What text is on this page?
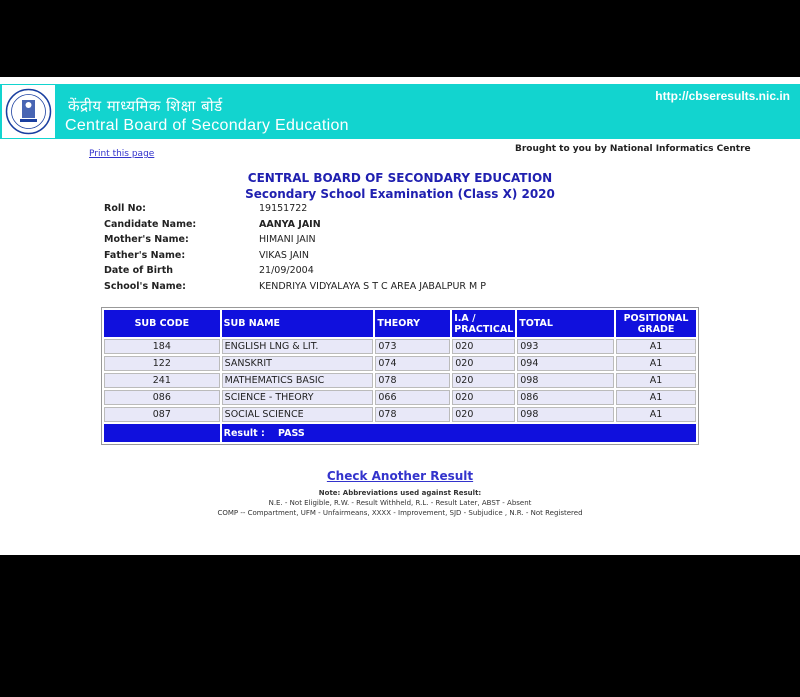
केंद्रीय माध्यमिक शिक्षा बोर्ड
Central Board of Secondary Education
http://cbseresults.nic.in
Print this page	Brought to you by National Informatics Centre
CENTRAL BOARD OF SECONDARY EDUCATION
Secondary School Examination (Class X) 2020
Roll No:	19151722
Candidate Name:	AANYA JAIN
Mother's Name:	HIMANI JAIN
Father's Name:	VIKAS JAIN
Date of Birth	21/09/2004
School's Name:	KENDRIYA VIDYALAYA S T C AREA JABALPUR M P
SUB CODE	SUB NAME	THEORY	I.A / PRACTICAL	TOTAL	POSITIONAL GRADE
184	ENGLISH LNG & LIT.	073	020	093	A1
122	SANSKRIT	074	020	094	A1
241	MATHEMATICS BASIC	078	020	098	A1
086	SCIENCE - THEORY	066	020	086	A1
087	SOCIAL SCIENCE	078	020	098	A1
	Result : PASS				
Check Another Result
Note: Abbreviations used against Result:
N.E. - Not Eligible, R.W. - Result Withheld, R.L. - Result Later, ABST - Absent
COMP -- Compartment, UFM - Unfairmeans, XXXX - Improvement, SJD - Subjudice , N.R. - Not Registered
